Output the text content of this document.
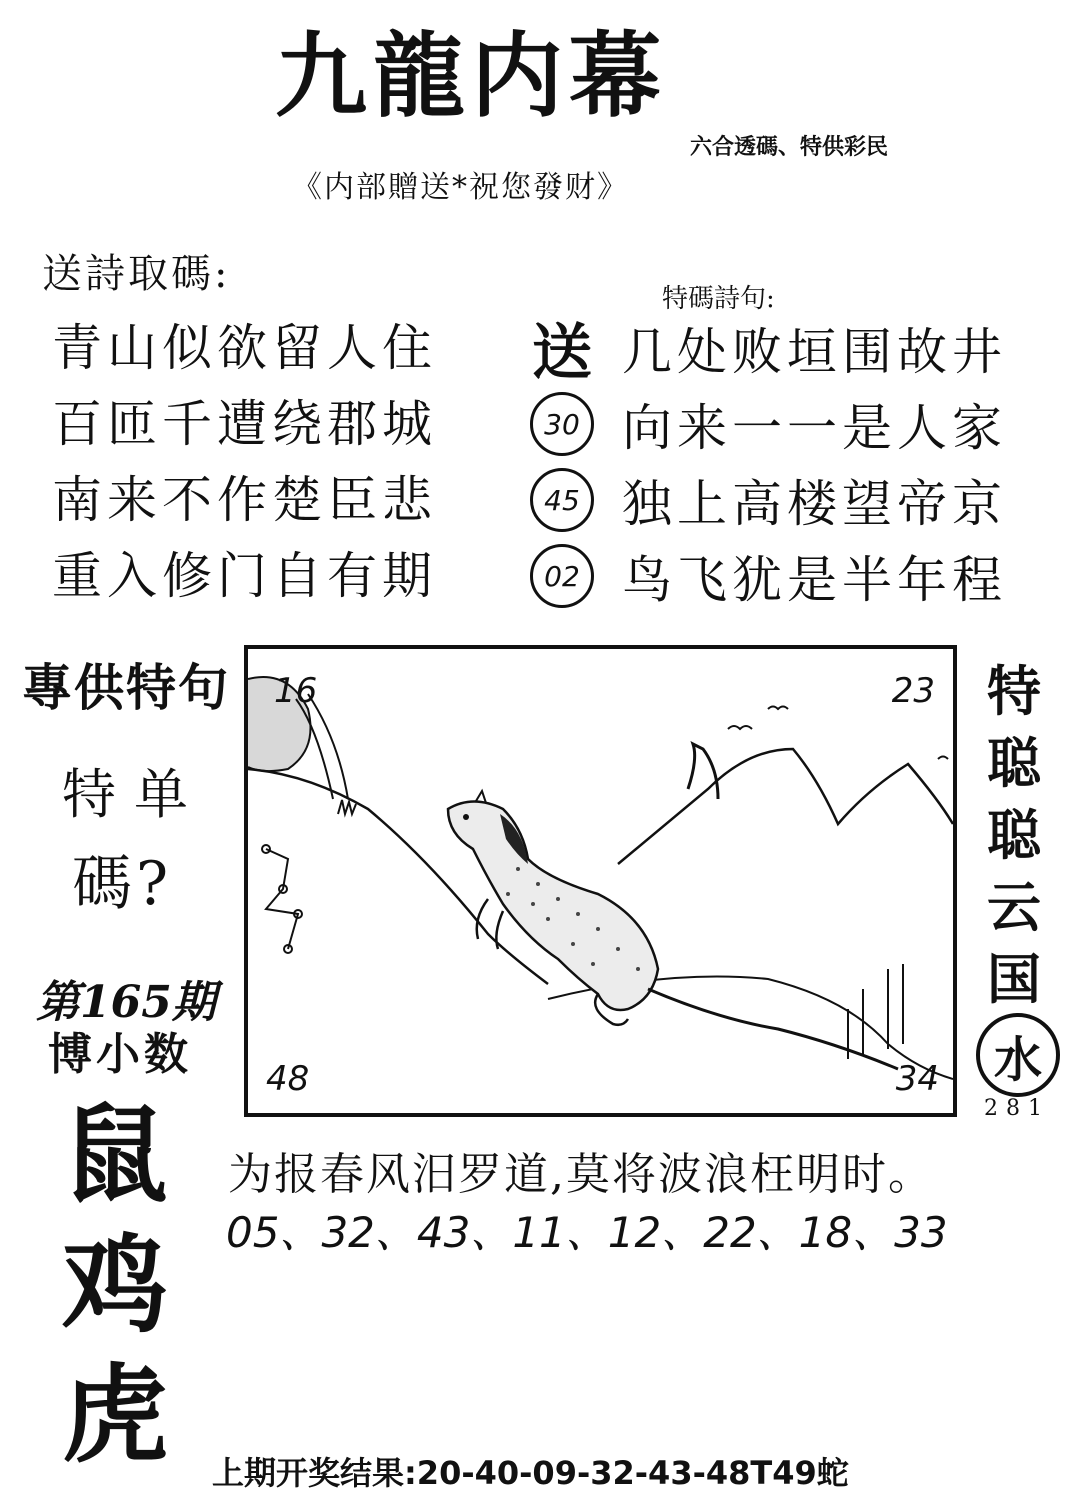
九龍内幕
六合透碼、特供彩民
《内部贈送*祝您發财》
送詩取碼:
特碼詩句:
青山似欲留人住
百匝千遭绕郡城
南来不作楚臣悲
重入修门自有期
送 几处败垣围故井
30 向来一一是人家
45 独上高楼望帝京
02 鸟飞犹是半年程
專供特句
特单
碼?
第165期
博小数
鼠
鸡
虎
16	23
48	34
特
聪
聪
云
国
水
281
为报春风汨罗道,莫将波浪枉明时。
05、32、43、11、12、22、18、33
上期开奖结果:20-40-09-32-43-48T49蛇
